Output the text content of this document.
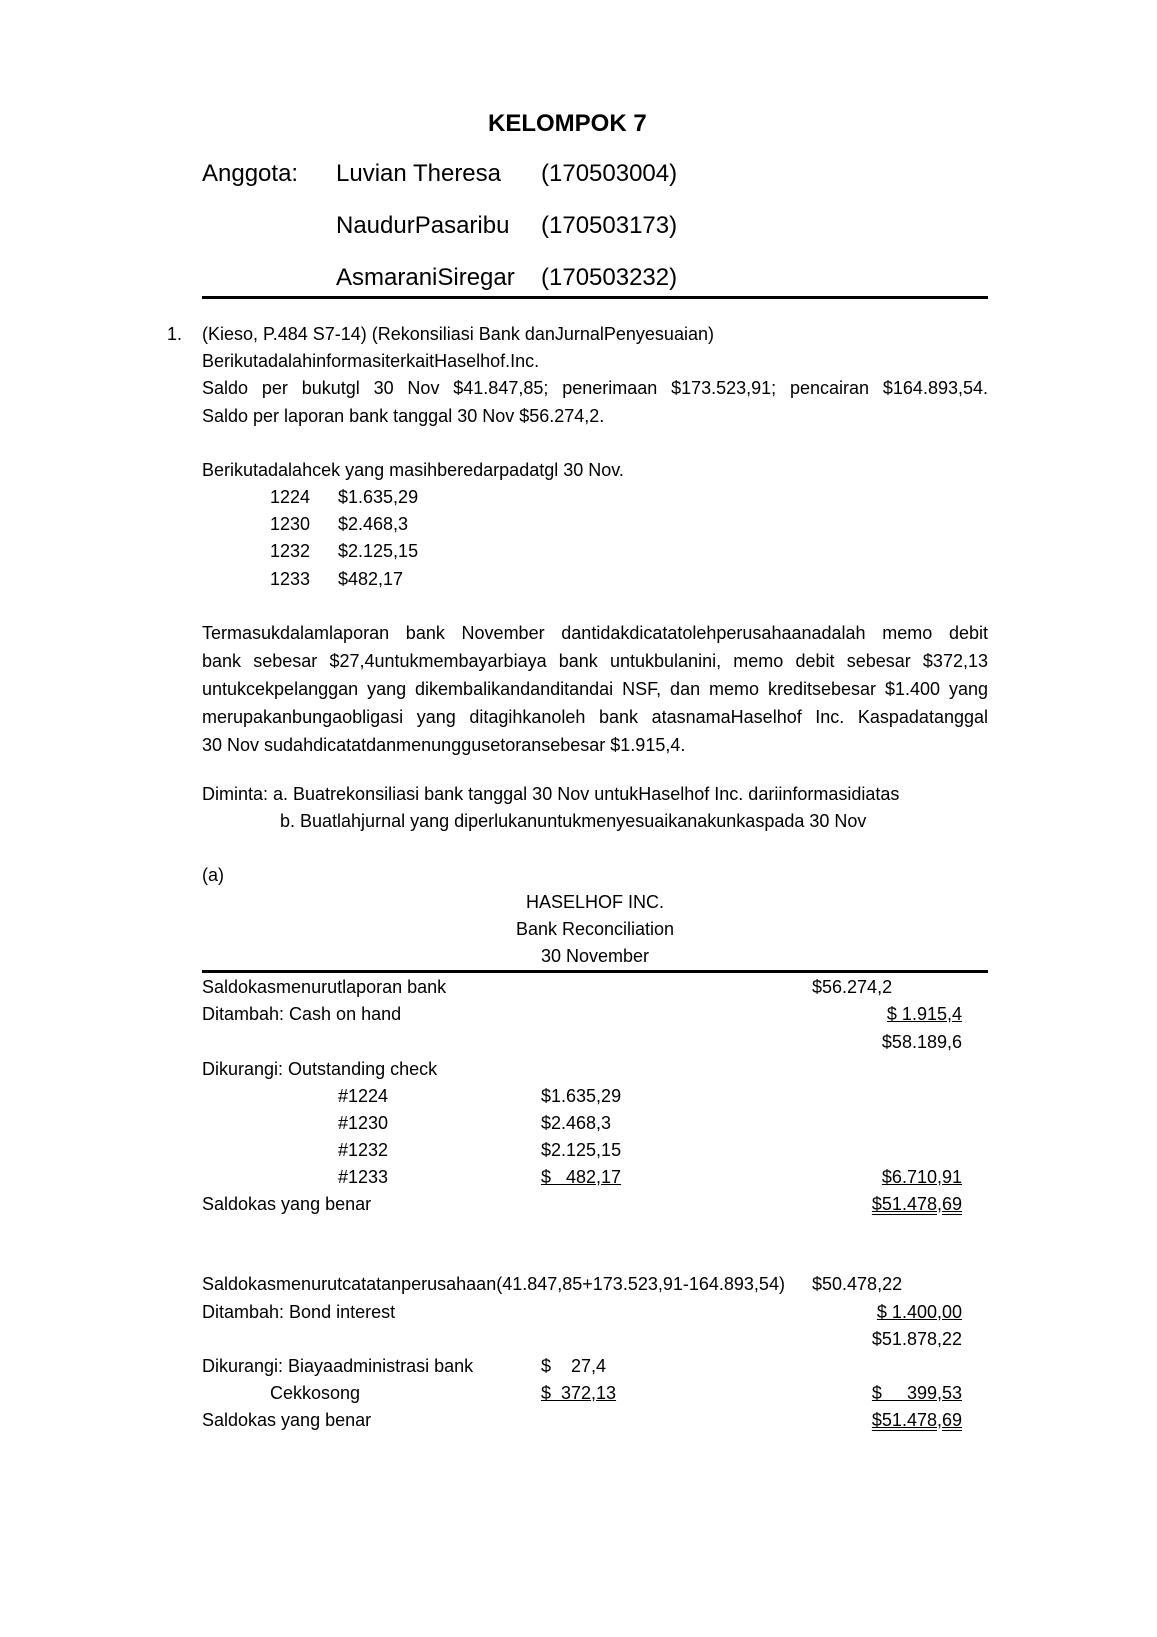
KELOMPOK 7
Anggota: Luvian Theresa (170503004)
NaudurPasaribu (170503173)
AsmaraniSiregar (170503232)
1. (Kieso, P.484 S7-14) (Rekonsiliasi Bank danJurnalPenyesuaian)
BerikutadalahinformasiterkaitHaselhof.Inc.
Saldo per bukutgl 30 Nov $41.847,85; penerimaan $173.523,91; pencairan $164.893,54.
Saldo per laporan bank tanggal 30 Nov $56.274,2.
Berikutadalahcek yang masihberedarpadatgl 30 Nov.
1224 $1.635,29
1230 $2.468,3
1232 $2.125,15
1233 $482,17
Termasukdalamlaporan bank November dantidakdicatatolehperusahaanadalah memo debit
bank sebesar $27,4untukmembayarbiaya bank untukbulanini, memo debit sebesar $372,13
untukcekpelanggan yang dikembalikandanditandai NSF, dan memo kreditsebesar $1.400 yang
merupakanbungaobligasi yang ditagihkanoleh bank atasnamaHaselhof Inc. Kaspadatanggal
30 Nov sudahdicatatdanmenunggusetoransebesar $1.915,4.
Diminta: a. Buatrekonsiliasi bank tanggal 30 Nov untukHaselhof Inc. dariinformasidiatas
b. Buatlahjurnal yang diperlukanuntukmenyesuaikanakunkaspada 30 Nov
(a)
HASELHOF INC.
Bank Reconciliation
30 November
Saldokasmenurutlaporan bank	$56.274,2
Ditambah: Cash on hand	$ 1.915,4
$58.189,6
Dikurangi: Outstanding check
#1224	$1.635,29
#1230	$2.468,3
#1232	$2.125,15
#1233	$   482,17	$6.710,91
Saldokas yang benar	$51.478,69
Saldokasmenurutcatatanperusahaan(41.847,85+173.523,91-164.893,54) $50.478,22
Ditambah: Bond interest	$ 1.400,00
$51.878,22
Dikurangi: Biayaadministrasi bank	$    27,4
Cekkosong	$  372,13	$     399,53
Saldokas yang benar	$51.478,69
